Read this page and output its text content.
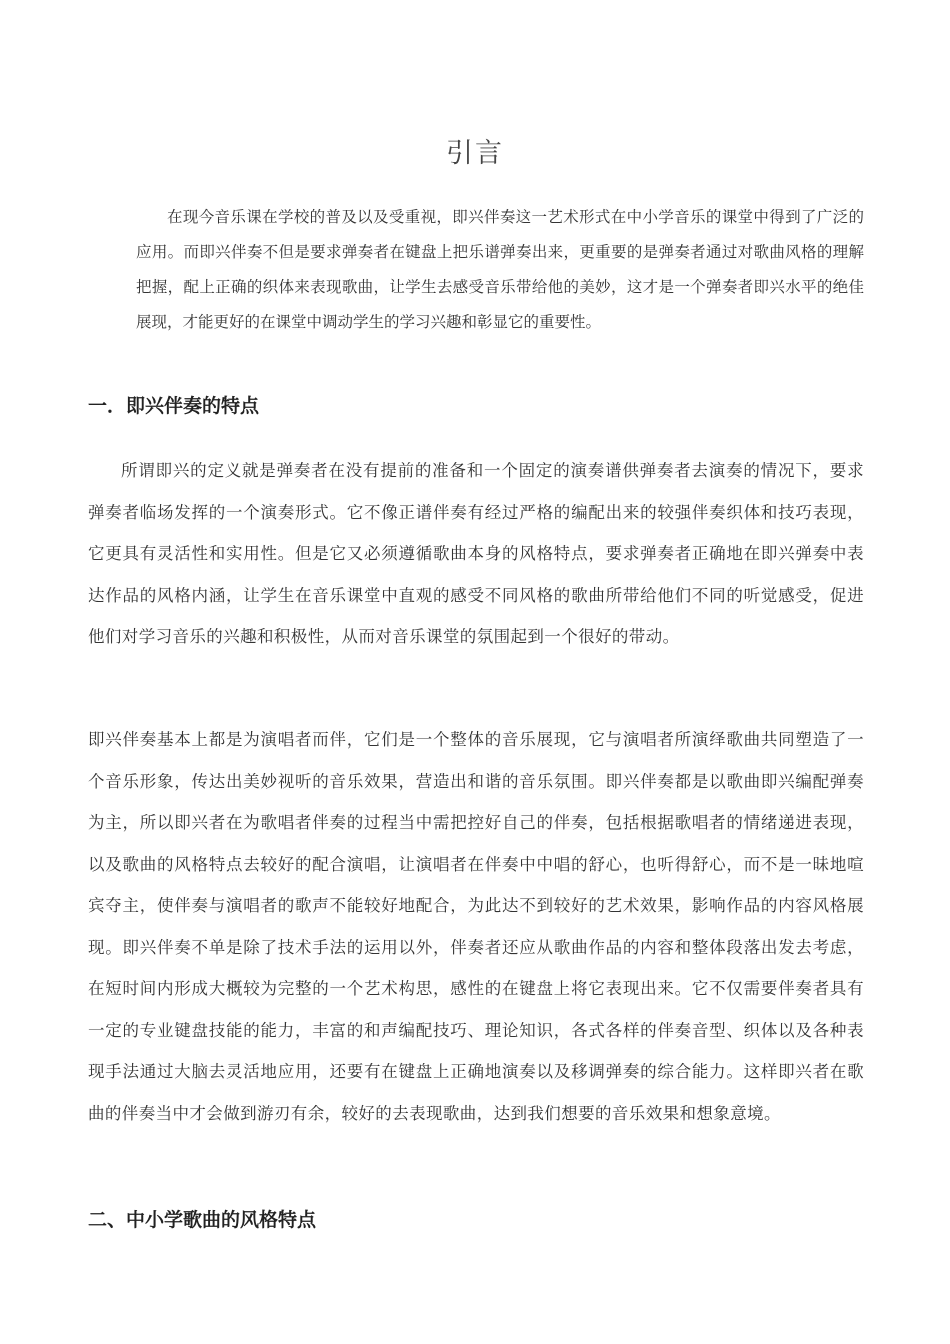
引言

在现今音乐课在学校的普及以及受重视，即兴伴奏这一艺术形式在中小学音乐的课堂中得到了广泛的应用。而即兴伴奏不但是要求弹奏者在键盘上把乐谱弹奏出来，更重要的是弹奏者通过对歌曲风格的理解把握，配上正确的织体来表现歌曲，让学生去感受音乐带给他的美妙，这才是一个弹奏者即兴水平的绝佳展现，才能更好的在课堂中调动学生的学习兴趣和彰显它的重要性。

一．即兴伴奏的特点

所谓即兴的定义就是弹奏者在没有提前的准备和一个固定的演奏谱供弹奏者去演奏的情况下，要求弹奏者临场发挥的一个演奏形式。它不像正谱伴奏有经过严格的编配出来的较强伴奏织体和技巧表现，它更具有灵活性和实用性。但是它又必须遵循歌曲本身的风格特点，要求弹奏者正确地在即兴弹奏中表达作品的风格内涵，让学生在音乐课堂中直观的感受不同风格的歌曲所带给他们不同的听觉感受，促进他们对学习音乐的兴趣和积极性，从而对音乐课堂的氛围起到一个很好的带动。

即兴伴奏基本上都是为演唱者而伴，它们是一个整体的音乐展现，它与演唱者所演绎歌曲共同塑造了一个音乐形象，传达出美妙视听的音乐效果，营造出和谐的音乐氛围。即兴伴奏都是以歌曲即兴编配弹奏为主，所以即兴者在为歌唱者伴奏的过程当中需把控好自己的伴奏，包括根据歌唱者的情绪递进表现，以及歌曲的风格特点去较好的配合演唱，让演唱者在伴奏中中唱的舒心，也听得舒心，而不是一昧地喧宾夺主，使伴奏与演唱者的歌声不能较好地配合，为此达不到较好的艺术效果，影响作品的内容风格展现。即兴伴奏不单是除了技术手法的运用以外，伴奏者还应从歌曲作品的内容和整体段落出发去考虑，在短时间内形成大概较为完整的一个艺术构思，感性的在键盘上将它表现出来。它不仅需要伴奏者具有一定的专业键盘技能的能力，丰富的和声编配技巧、理论知识，各式各样的伴奏音型、织体以及各种表现手法通过大脑去灵活地应用，还要有在键盘上正确地演奏以及移调弹奏的综合能力。这样即兴者在歌曲的伴奏当中才会做到游刃有余，较好的去表现歌曲，达到我们想要的音乐效果和想象意境。

二、中小学歌曲的风格特点
